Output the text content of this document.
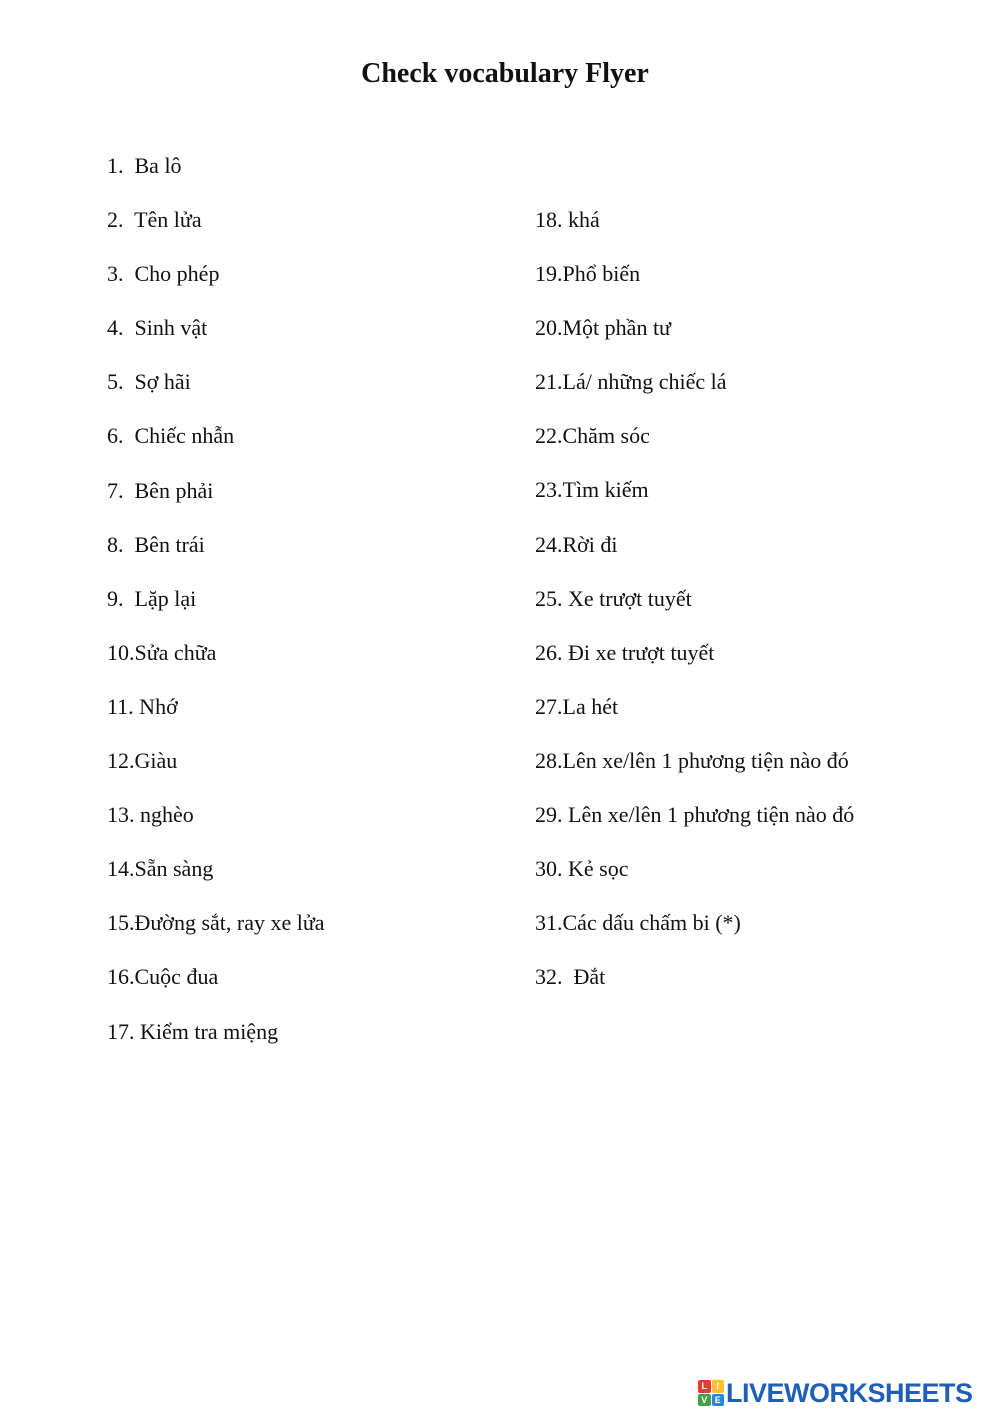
Check vocabulary Flyer
1.  Ba lô
2.  Tên lửa
3.  Cho phép
4.  Sinh vật
5.  Sợ hãi
6.  Chiếc nhẫn
7.  Bên phải
8.  Bên trái
9.  Lặp lại
10.Sửa chữa
11. Nhớ
12.Giàu
13. nghèo
14.Sẵn sàng
15.Đường sắt, ray xe lửa
16.Cuộc đua
17. Kiểm tra miệng
18. khá
19.Phổ biến
20.Một phần tư
21.Lá/ những chiếc lá
22.Chăm sóc
23.Tìm kiếm
24.Rời đi
25. Xe trượt tuyết
26. Đi xe trượt tuyết
27.La hét
28.Lên xe/lên 1 phương tiện nào đó
29. Lên xe/lên 1 phương tiện nào đó
30. Kẻ sọc
31.Các dấu chấm bi (*)
32.  Đắt
L	I
V E LIVEWORKSHEETS
